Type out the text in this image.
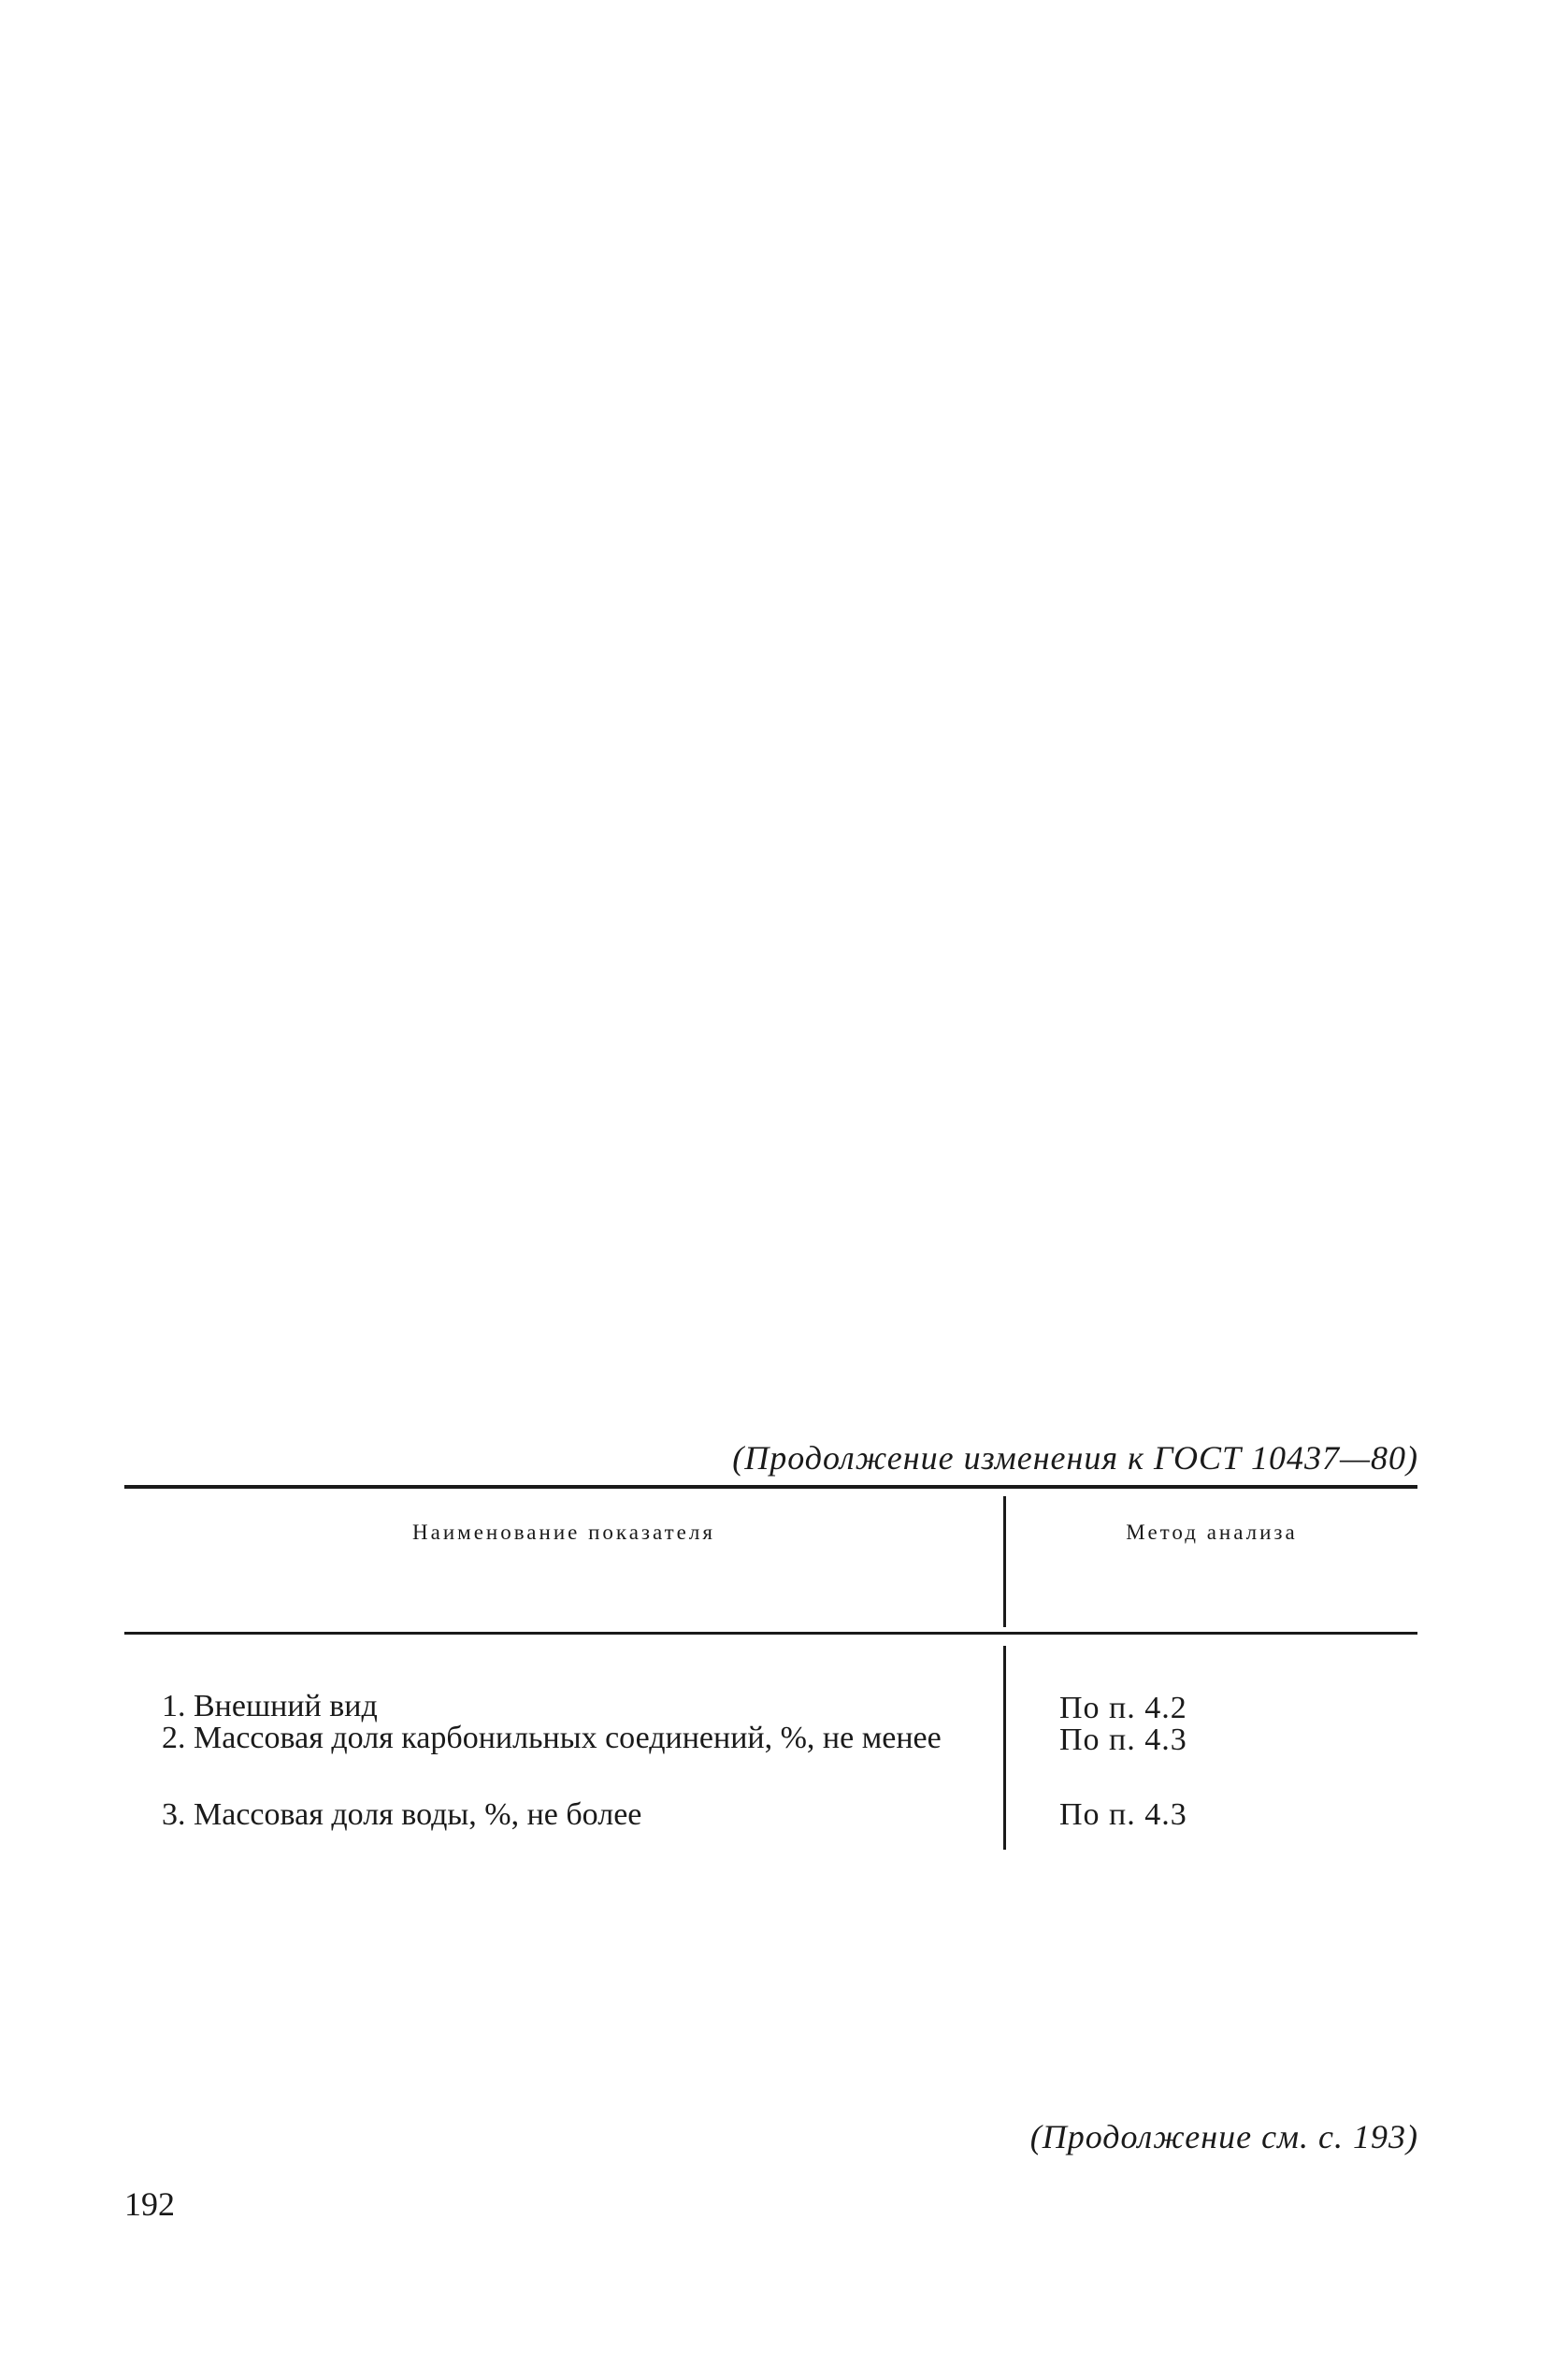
(Продолжение изменения к ГОСТ 10437—80)
Наименование показателя	Метод анализа
1. Внешний вид	По п. 4.2
2. Массовая доля карбонильных соединений, %, не менее	По п. 4.3
3. Массовая доля воды, %, не более	По п. 4.3
(Продолжение см. с. 193)
192
